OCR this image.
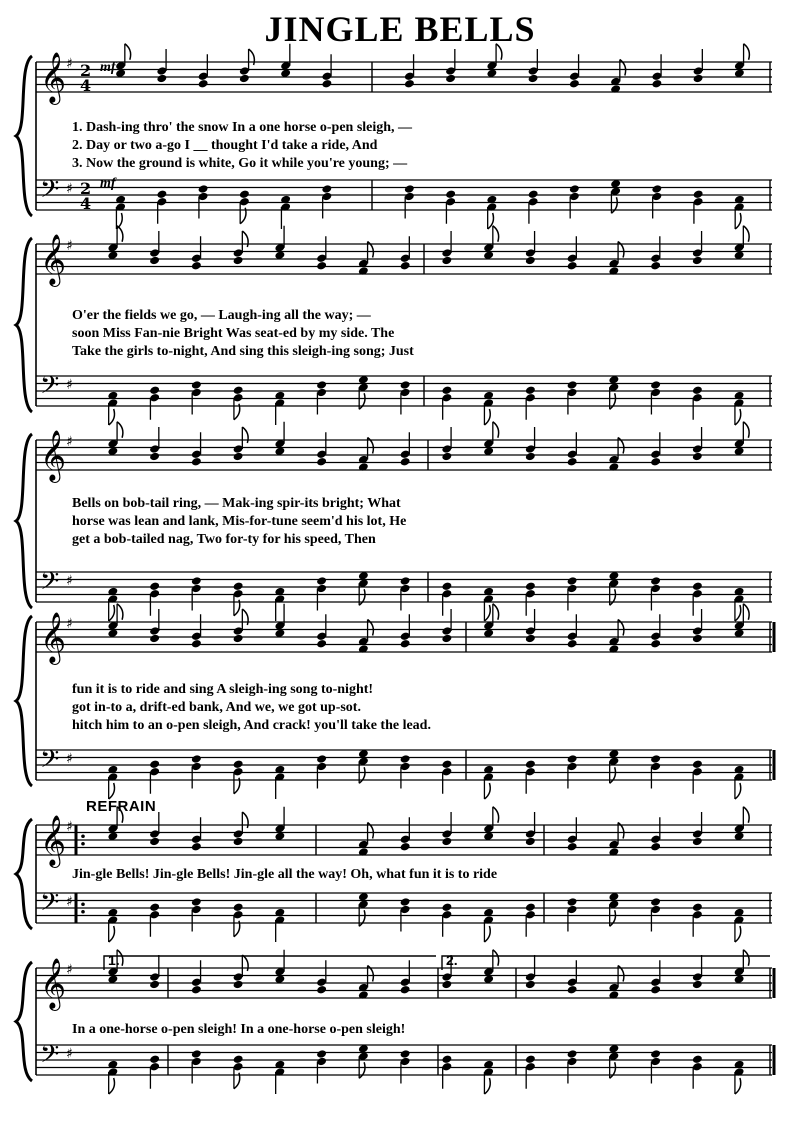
JINGLE BELLS
𝄞 ♯ 2
4
𝄢 ♯ 2
4
𝄞 ♯
𝄢 ♯
𝄞 ♯
𝄢 ♯
𝄞 ♯
𝄢 ♯
𝄞 ♯
𝄢 ♯
𝄞 ♯
𝄢 ♯
REFRAIN
1. Dash-ing thro' the snow In a one horse o-pen sleigh, —
2. Day or two a-go I __ thought I'd take a ride, And
3. Now the ground is white, Go it while you're young; —
O'er the fields we go, — Laugh-ing all the way; —
soon Miss Fan-nie Bright Was seat-ed by my side. The
Take the girls to-night, And sing this sleigh-ing song; Just
Bells on bob-tail ring, — Mak-ing spir-its bright; What
horse was lean and lank, Mis-for-tune seem'd his lot, He
get a bob-tailed nag, Two for-ty for his speed, Then
fun it is to ride and sing A sleigh-ing song to-night!
got in-to a, drift-ed bank, And we, we got up-sot.
hitch him to an o-pen sleigh, And crack! you'll take the lead.
Jin-gle Bells! Jin-gle Bells! Jin-gle all the way! Oh, what fun it is to ride
In a one-horse o-pen sleigh! In a one-horse o-pen sleigh!
mf
mf
1.	2.
